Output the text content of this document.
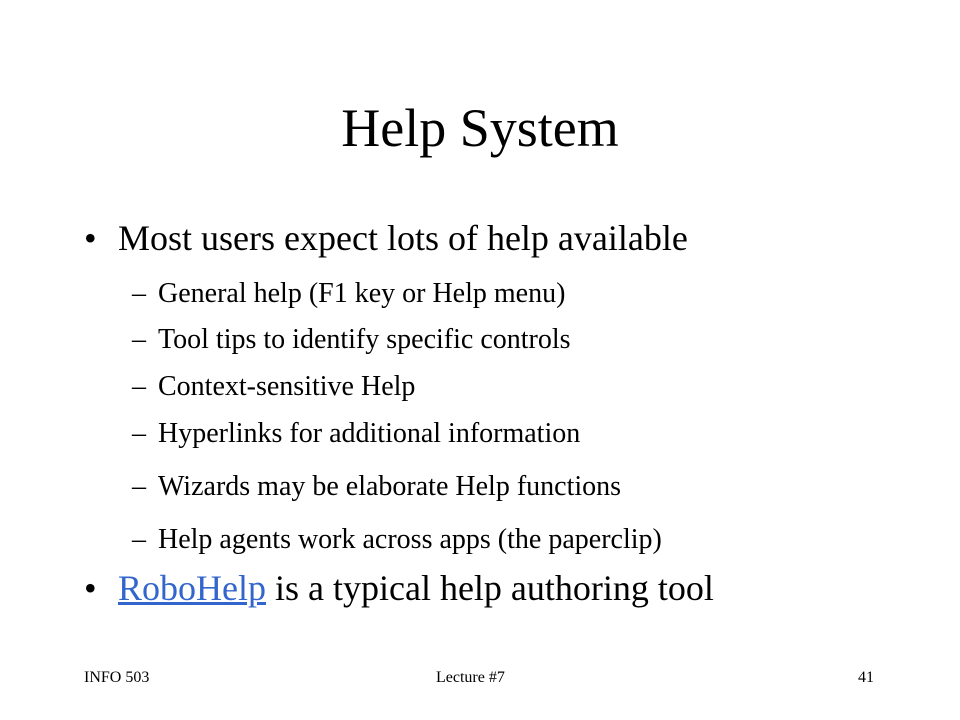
Help System
• Most users expect lots of help available
– General help (F1 key or Help menu)
– Tool tips to identify specific controls
– Context-sensitive Help
– Hyperlinks for additional information
– Wizards may be elaborate Help functions
– Help agents work across apps (the paperclip)
• RoboHelp is a typical help authoring tool
INFO 503	Lecture #7	41
